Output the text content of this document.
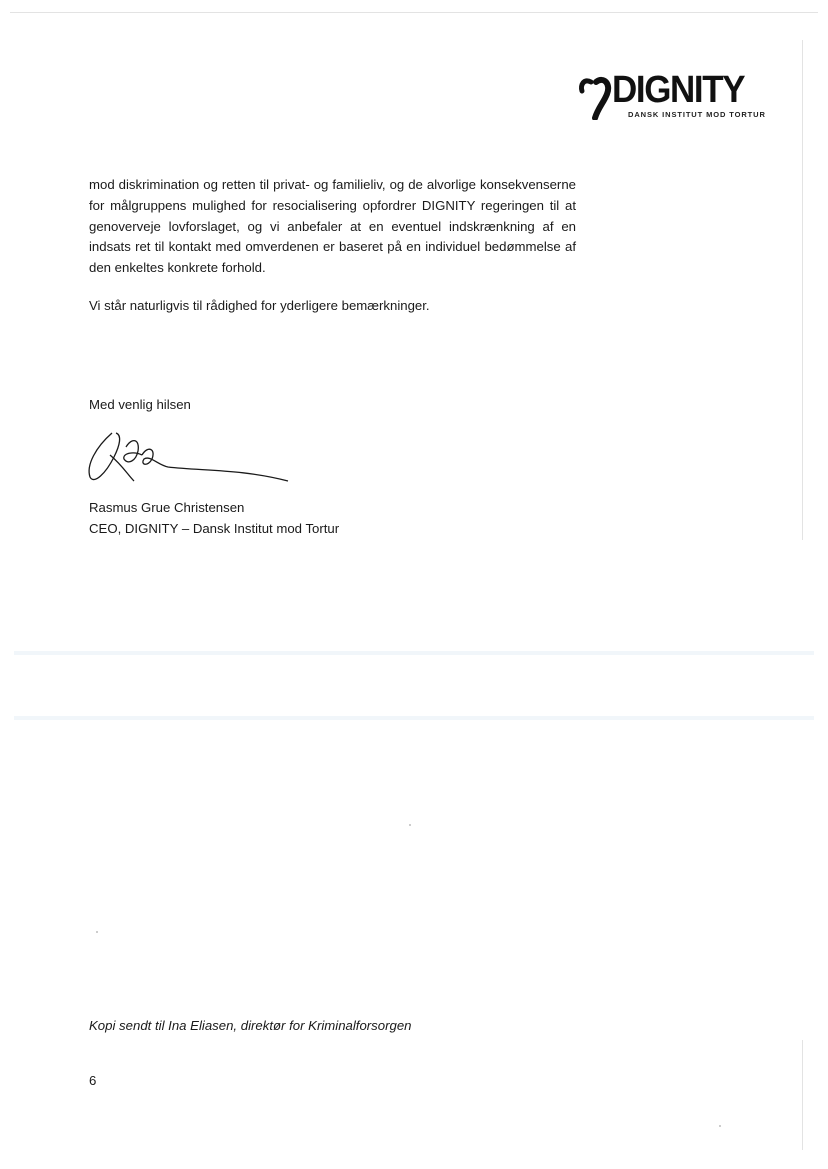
DIGNITY
DANSK INSTITUT MOD TORTUR

mod diskrimination og retten til privat- og familieliv, og de alvorlige konsekvenserne for målgruppens mulighed for resocialisering opfordrer DIGNITY regeringen til at genoverveje lovforslaget, og vi anbefaler at en eventuel indskrænkning af en indsats ret til kontakt med omverdenen er baseret på en individuel bedømmelse af den enkeltes konkrete forhold.

Vi står naturligvis til rådighed for yderligere bemærkninger.

Med venlig hilsen

Rasmus Grue Christensen

CEO, DIGNITY – Dansk Institut mod Tortur

Kopi sendt til Ina Eliasen, direktør for Kriminalforsorgen

6
